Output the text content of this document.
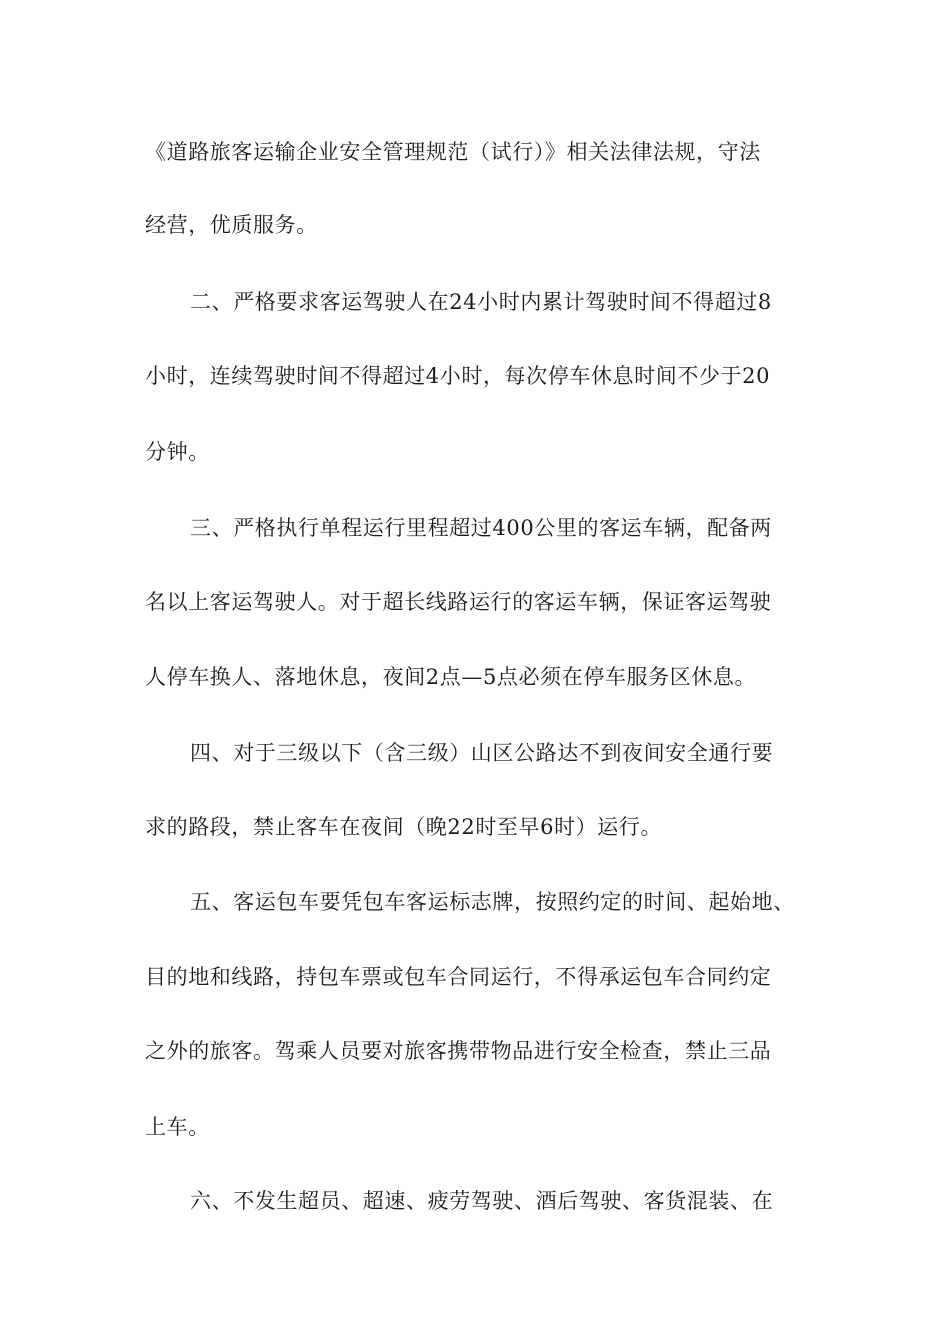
《道路旅客运输企业安全管理规范（试行）》相关法律法规，守法
经营，优质服务。
二、严格要求客运驾驶人在24小时内累计驾驶时间不得超过8
小时，连续驾驶时间不得超过4小时，每次停车休息时间不少于20
分钟。
三、严格执行单程运行里程超过400公里的客运车辆，配备两
名以上客运驾驶人。对于超长线路运行的客运车辆，保证客运驾驶
人停车换人、落地休息，夜间2点—5点必须在停车服务区休息。
四、对于三级以下（含三级）山区公路达不到夜间安全通行要
求的路段，禁止客车在夜间（晚22时至早6时）运行。
五、客运包车要凭包车客运标志牌，按照约定的时间、起始地、
目的地和线路，持包车票或包车合同运行，不得承运包车合同约定
之外的旅客。驾乘人员要对旅客携带物品进行安全检查，禁止三品
上车。
六、不发生超员、超速、疲劳驾驶、酒后驾驶、客货混装、在
